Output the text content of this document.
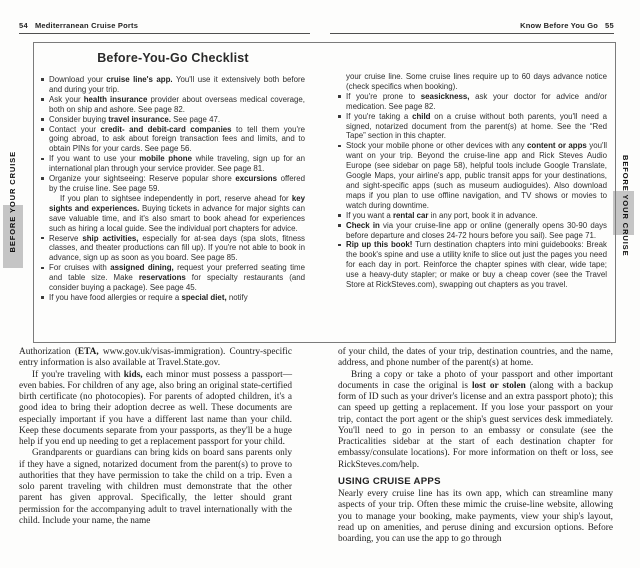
54 Mediterranean Cruise Ports	Know Before You Go 55
BEFORE YOUR CRUISE	BEFORE YOUR CRUISE
Before-You-Go Checklist
Download your cruise line's app. You'll use it extensively both before and during your trip.
Ask your health insurance provider about overseas medical coverage, both on ship and ashore. See page 82.
Consider buying travel insurance. See page 47.
Contact your credit- and debit-card companies to tell them you're going abroad, to ask about foreign transaction fees and limits, and to obtain PINs for your cards. See page 56.
If you want to use your mobile phone while traveling, sign up for an international plan through your service provider. See page 81.
Organize your sightseeing: Reserve popular shore excursions offered by the cruise line. See page 59.
If you plan to sightsee independently in port, reserve ahead for key sights and experiences. Buying tickets in advance for major sights can save valuable time, and it's also smart to book ahead for experiences such as hiring a local guide. See the individual port chapters for advice.
Reserve ship activities, especially for at-sea days (spa slots, fitness classes, and theater productions can fill up). If you're not able to book in advance, sign up as soon as you board. See page 85.
For cruises with assigned dining, request your preferred seating time and table size. Make reservations for specialty restaurants (and consider buying a package). See page 45.
If you have food allergies or require a special diet, notify
your cruise line. Some cruise lines require up to 60 days advance notice (check specifics when booking).
If you're prone to seasickness, ask your doctor for advice and/or medication. See page 82.
If you're taking a child on a cruise without both parents, you'll need a signed, notarized document from the parent(s) at home. See the “Red Tape” section in this chapter.
Stock your mobile phone or other devices with any content or apps you'll want on your trip. Beyond the cruise-line app and Rick Steves Audio Europe (see sidebar on page 58), helpful tools include Google Translate, Google Maps, your airline's app, public transit apps for your destinations, and sight-specific apps (such as museum audioguides). Also download maps if you plan to use offline navigation, and TV shows or movies to watch during downtime.
If you want a rental car in any port, book it in advance.
Check in via your cruise-line app or online (generally opens 30-90 days before departure and closes 24-72 hours before you sail). See page 71.
Rip up this book! Turn destination chapters into mini guidebooks: Break the book's spine and use a utility knife to slice out just the pages you need for each day in port. Reinforce the chapter spines with clear, wide tape; use a heavy-duty stapler; or make or buy a cheap cover (see the Travel Store at RickSteves.com), swapping out chapters as you travel.

Authorization (ETA, www.gov.uk/visas-immigration). Country-specific entry information is also available at Travel.State.gov.

If you're traveling with kids, each minor must possess a passport—even babies. For children of any age, also bring an original state-certified birth certificate (no photocopies). For parents of adopted children, it's a good idea to bring their adoption decree as well. These documents are especially important if you have a different last name than your child. Keep these documents separate from your passports, as they'll be a huge help if you end up needing to get a replacement passport for your child.

Grandparents or guardians can bring kids on board sans parents only if they have a signed, notarized document from the parent(s) to prove to authorities that they have permission to take the child on a trip. Even a solo parent traveling with children must demonstrate that the other parent has given approval. Specifically, the letter should grant permission for the accompanying adult to travel internationally with the child. Include your name, the name

of your child, the dates of your trip, destination countries, and the name, address, and phone number of the parent(s) at home.

Bring a copy or take a photo of your passport and other important documents in case the original is lost or stolen (along with a backup form of ID such as your driver's license and an extra passport photo); this can speed up getting a replacement. If you lose your passport on your trip, contact the port agent or the ship's guest services desk immediately. You'll need to go in person to an embassy or consulate (see the Practicalities sidebar at the start of each destination chapter for embassy/consulate locations). For more information on theft or loss, see RickSteves.com/help.

USING CRUISE APPS

Nearly every cruise line has its own app, which can streamline many aspects of your trip. Often these mimic the cruise-line website, allowing you to manage your booking, make payments, view your ship's layout, read up on amenities, and peruse dining and excursion options. Before boarding, you can use the app to go through
